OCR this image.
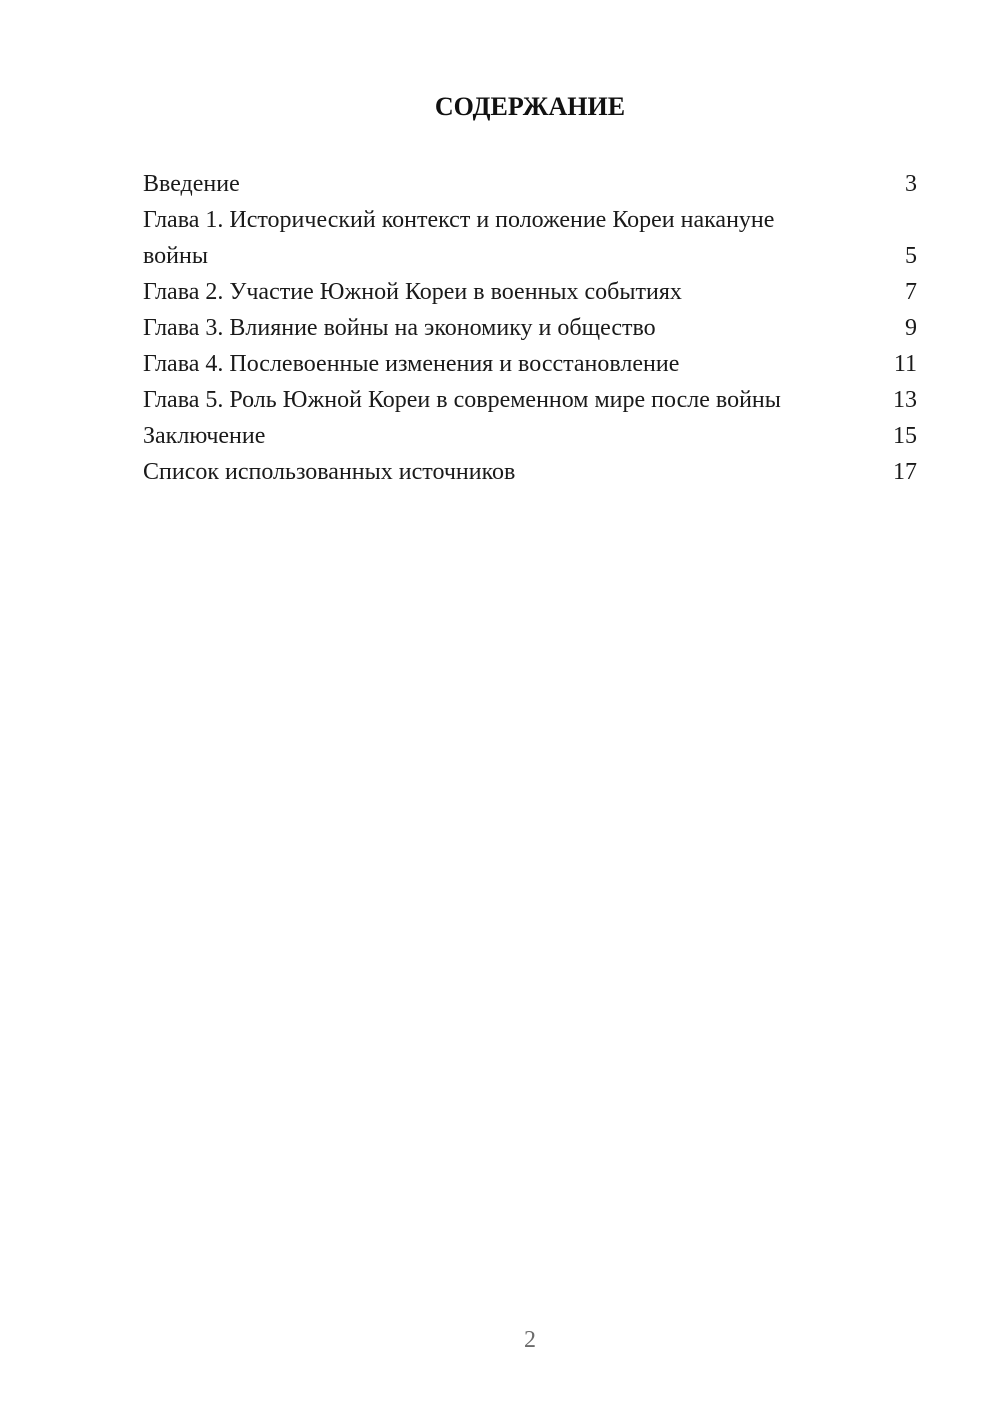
СОДЕРЖАНИЕ
Введение	3
Глава 1. Исторический контекст и положение Кореи накануне войны	5
Глава 2. Участие Южной Кореи в военных событиях	7
Глава 3. Влияние войны на экономику и общество	9
Глава 4. Послевоенные изменения и восстановление	11
Глава 5. Роль Южной Кореи в современном мире после войны	13
Заключение	15
Список использованных источников	17
2
